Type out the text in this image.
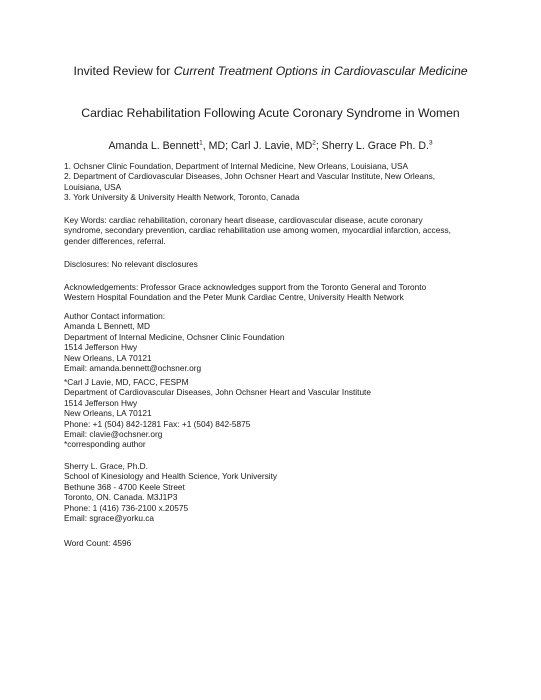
Invited Review for Current Treatment Options in Cardiovascular Medicine
Cardiac Rehabilitation Following Acute Coronary Syndrome in Women
Amanda L. Bennett$^1$, MD; Carl J. Lavie, $MD^2$; Sherry L. Grace Ph. D.$^3$
1. Ochsner Clinic Foundation, Department of Internal Medicine, New Orleans, Louisiana, USA
2. Department of Cardiovascular Diseases, John Ochsner Heart and Vascular Institute, New Orleans,
Louisiana, USA
3. York University & University Health Network, Toronto, Canada
Key Words: cardiac rehabilitation, coronary heart disease, cardiovascular disease, acute coronary
syndrome, secondary prevention, cardiac rehabilitation use among women, myocardial infarction, access,
gender differences, referral.
Disclosures: No relevant disclosures
Acknowledgements: Professor Grace acknowledges support from the Toronto General and Toronto
Western Hospital Foundation and the Peter Munk Cardiac Centre, University Health Network
Author Contact information:
Amanda L Bennett, MD
Department of Internal Medicine, Ochsner Clinic Foundation
1514 Jefferson Hwy
New Orleans, LA 70121
Email: amanda.bennett@ochsner.org
*Carl J Lavie, MD, FACC, FESPM
Department of Cardiovascular Diseases, John Ochsner Heart and Vascular Institute
1514 Jefferson Hwy
New Orleans, LA 70121
Phone: +1 (504) 842-1281 Fax: +1 (504) 842-5875
Email: clavie@ochsner.org
*corresponding author
Sherry L. Grace, Ph.D.
School of Kinesiology and Health Science, York University
Bethune 368 - 4700 Keele Street
Toronto, ON. Canada. M3J1P3
Phone: 1 (416) 736-2100 x.20575
Email: sgrace@yorku.ca
Word Count: 4596
